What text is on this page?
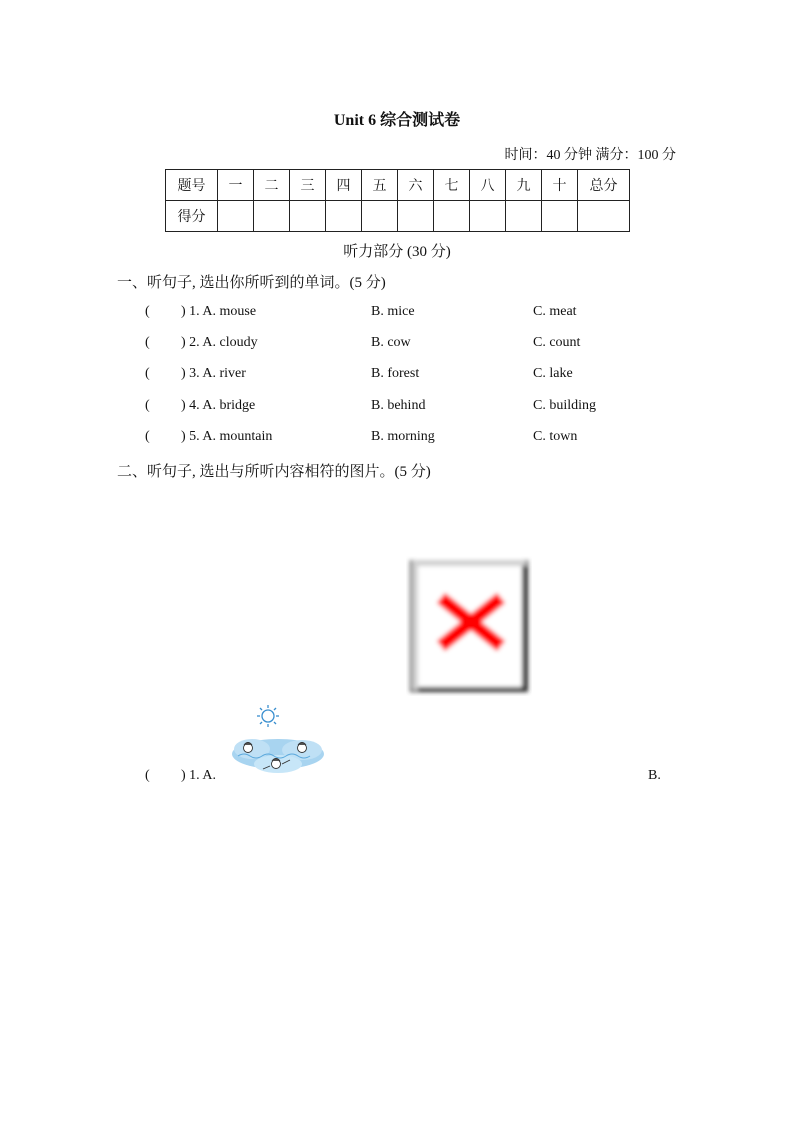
Unit 6 综合测试卷
时间：40 分钟 满分：100 分
题号	一	二	三	四	五	六	七	八	九	十	总分
得分											
听力部分 (30 分)
一、听句子, 选出你所听到的单词。(5 分)
( ) 1. A. mouse	B. mice	C. meat
( ) 2. A. cloudy	B. cow	C. count
( ) 3. A. river	B. forest	C. lake
( ) 4. A. bridge	B. behind	C. building
( ) 5. A. mountain	B. morning	C. town
二、听句子, 选出与所听内容相符的图片。(5 分)
( ) 1. A.	B.
